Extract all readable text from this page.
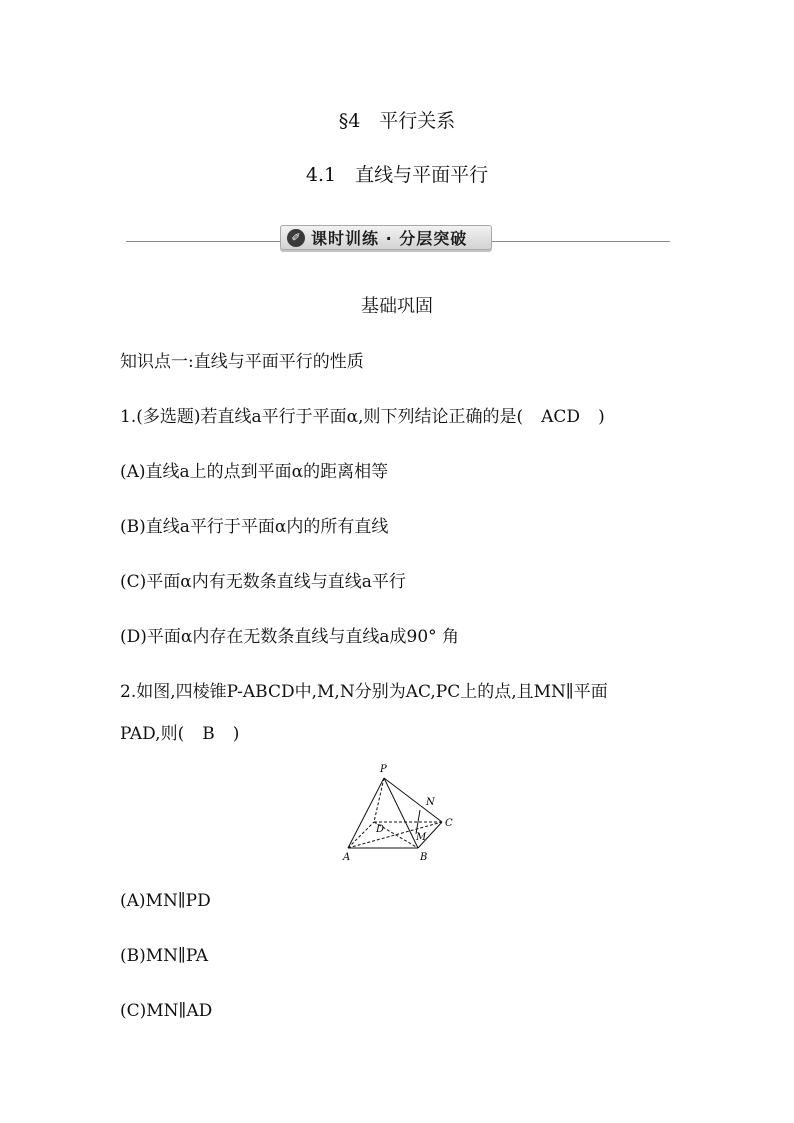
§4　平行关系
4.1　直线与平面平行
✐ 课时训练 · 分层突破
基础巩固
知识点一:直线与平面平行的性质
1.(多选题)若直线a平行于平面α,则下列结论正确的是( ACD )
(A)直线a上的点到平面α的距离相等
(B)直线a平行于平面α内的所有直线
(C)平面α内有无数条直线与直线a平行
(D)平面α内存在无数条直线与直线a成90° 角
2.如图,四棱锥P-ABCD中,M,N分别为AC,PC上的点,且MN∥平面
PAD,则( B )
P
N
D
M
C
A	B
(A)MN∥PD
(B)MN∥PA
(C)MN∥AD
